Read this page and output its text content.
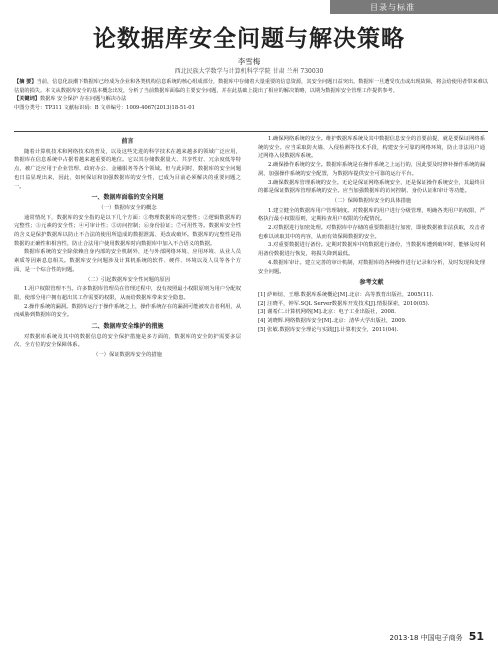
目录与标准
论数据库安全问题与解决策略
李雪梅
西北民族大学数学与计算机科学学院 甘肃 兰州 730030
【摘 要】当前，信息化浪潮下数据库已经成为企业和各类机构信息系统的核心组成部分，数据库中存储着大量重要的信息资源，其安全问题日益突出。数据库一旦遭受攻击或出现故障，将会给使用者带来难以估量的损失。本文从数据库安全的基本概念出发，分析了当前数据库面临的主要安全问题，并在此基础上提出了相应的解决策略，以期为数据库安全管理工作提供参考。
【关键词】数据库 安全保护 存在问题与解决办法
中图分类号：TP311 文献标识码：B 文章编号：1009-4067(2013)18-51-01
前言

随着计算机技术和网络技术的普及，以及这些先进的科学技术在越来越多的领域广泛应用，数据库在信息系统中占据着越来越重要的地位。它以其存储数据量大、共享性好、冗余度低等特点，被广泛应用于企业管理、政府办公、金融服务等各个领域。但与此同时，数据库的安全问题也日益显现出来，因此，如何保证和加强数据库的安全性，已成为目前必须解决的重要问题之一。

一、数据库面临的安全问题
（一）数据库安全的概念

通常情况下，数据库的安全指的是以下几个方面：①物理数据库的完整性；②逻辑数据库的完整性；③元素的安全性；④可审计性；⑤访问控制；⑥身份验证；⑦可用性等。数据库安全性的含义是保护数据库以防止不合法的使用所造成的数据泄露、更改或破坏。数据库的完整性是指数据的正确性和相容性，防止合法用户使用数据库时向数据库中加入不合语义的数据。

数据库系统的安全除依赖自身内部的安全机制外，还与外部网络环境、应用环境、从业人员素质等因素息息相关。数据库安全问题涉及计算机系统的软件、硬件、环境以及人员等各个方面，是一个综合性的问题。

（二）引起数据库安全性问题的原因

1.用户权限管理不当。许多数据库管理员在管理过程中，没有按照最小权限原则为用户分配权限，使部分用户拥有超出其工作需要的权限，从而给数据库带来安全隐患。

2.操作系统的漏洞。数据库运行于操作系统之上，操作系统存在的漏洞可能被攻击者利用，从而威胁到数据库的安全。

二、数据库安全维护的措施

对数据库系统及其中的数据信息的安全保护措施是多方面的，数据库的安全防护需要多层次、全方位的安全保障体系。

（一）保证数据库安全的措施

1.确保网络系统的安全。维护数据库系统及其中数据信息安全的首要前提，就是要保证网络系统的安全。应当采取防火墙、入侵检测等技术手段，构建安全可靠的网络环境，防止非法用户通过网络入侵数据库系统。

2.确保操作系统的安全。数据库系统是在操作系统之上运行的，因此要及时修补操作系统的漏洞，加强操作系统的安全配置，为数据库提供安全可靠的运行平台。

3.确保数据库管理系统的安全。无论是保证网络系统安全，还是保证操作系统安全，其最终目的都是保证数据库管理系统的安全。应当加强数据库的访问控制、身份认证和审计等功能。

（二）保障数据库安全的具体措施

1.建立健全的数据库用户管理制度。对数据库的用户进行分级管理，明确各类用户的权限，严格执行最小权限原则，定期检查用户权限的分配情况。

2.对数据进行加密处理。对数据库中存储的重要数据进行加密，即使数据被非法获取，攻击者也难以读取其中的内容，从而有效保障数据的安全。

3.对重要数据进行备份。定期对数据库中的数据进行备份，当数据库遭到破坏时，能够及时利用备份数据进行恢复，将损失降到最低。

4.数据库审计。建立完善的审计机制，对数据库的各种操作进行记录和分析，及时发现和处理安全问题。

参考文献

[1] 萨师煊，王珊.数据库系统概论[M].北京：高等教育出版社，2005(11).

[2] 汪晓平，钟军.SQL Server数据库开发技术[J].情报探索，2010(05).

[3] 谢希仁.计算机网络[M].北京：电子工业出版社，2008.

[4] 刘晓辉.网络数据库安全[M].北京：清华大学出版社，2009.

[5] 张敏.数据库安全理论与实践[J].计算机安全，2011(04).

2013·18 中国电子商务 51
